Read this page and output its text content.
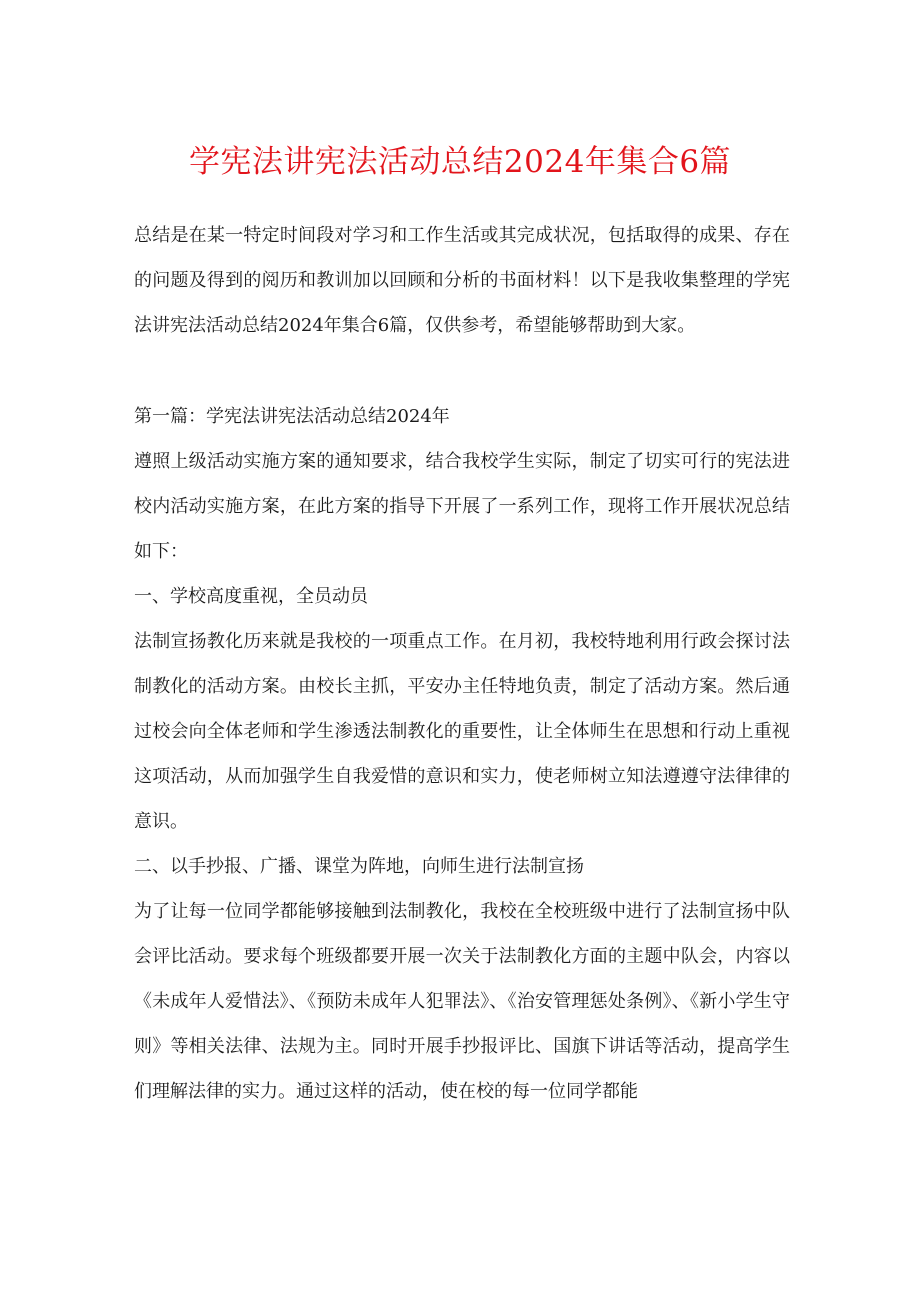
学宪法讲宪法活动总结2024年集合6篇

总结是在某一特定时间段对学习和工作生活或其完成状况，包括取得的成果、存在的问题及得到的阅历和教训加以回顾和分析的书面材料！以下是我收集整理的学宪法讲宪法活动总结2024年集合6篇，仅供参考，希望能够帮助到大家。

第一篇：学宪法讲宪法活动总结2024年

遵照上级活动实施方案的通知要求，结合我校学生实际，制定了切实可行的宪法进校内活动实施方案，在此方案的指导下开展了一系列工作，现将工作开展状况总结如下：

一、学校高度重视，全员动员

法制宣扬教化历来就是我校的一项重点工作。在月初，我校特地利用行政会探讨法制教化的活动方案。由校长主抓，平安办主任特地负责，制定了活动方案。然后通过校会向全体老师和学生渗透法制教化的重要性，让全体师生在思想和行动上重视这项活动，从而加强学生自我爱惜的意识和实力，使老师树立知法遵遵守法律律的意识。

二、以手抄报、广播、课堂为阵地，向师生进行法制宣扬

为了让每一位同学都能够接触到法制教化，我校在全校班级中进行了法制宣扬中队会评比活动。要求每个班级都要开展一次关于法制教化方面的主题中队会，内容以《未成年人爱惜法》、《预防未成年人犯罪法》、《治安管理惩处条例》、《新小学生守则》等相关法律、法规为主。同时开展手抄报评比、国旗下讲话等活动，提高学生们理解法律的实力。通过这样的活动，使在校的每一位同学都能
